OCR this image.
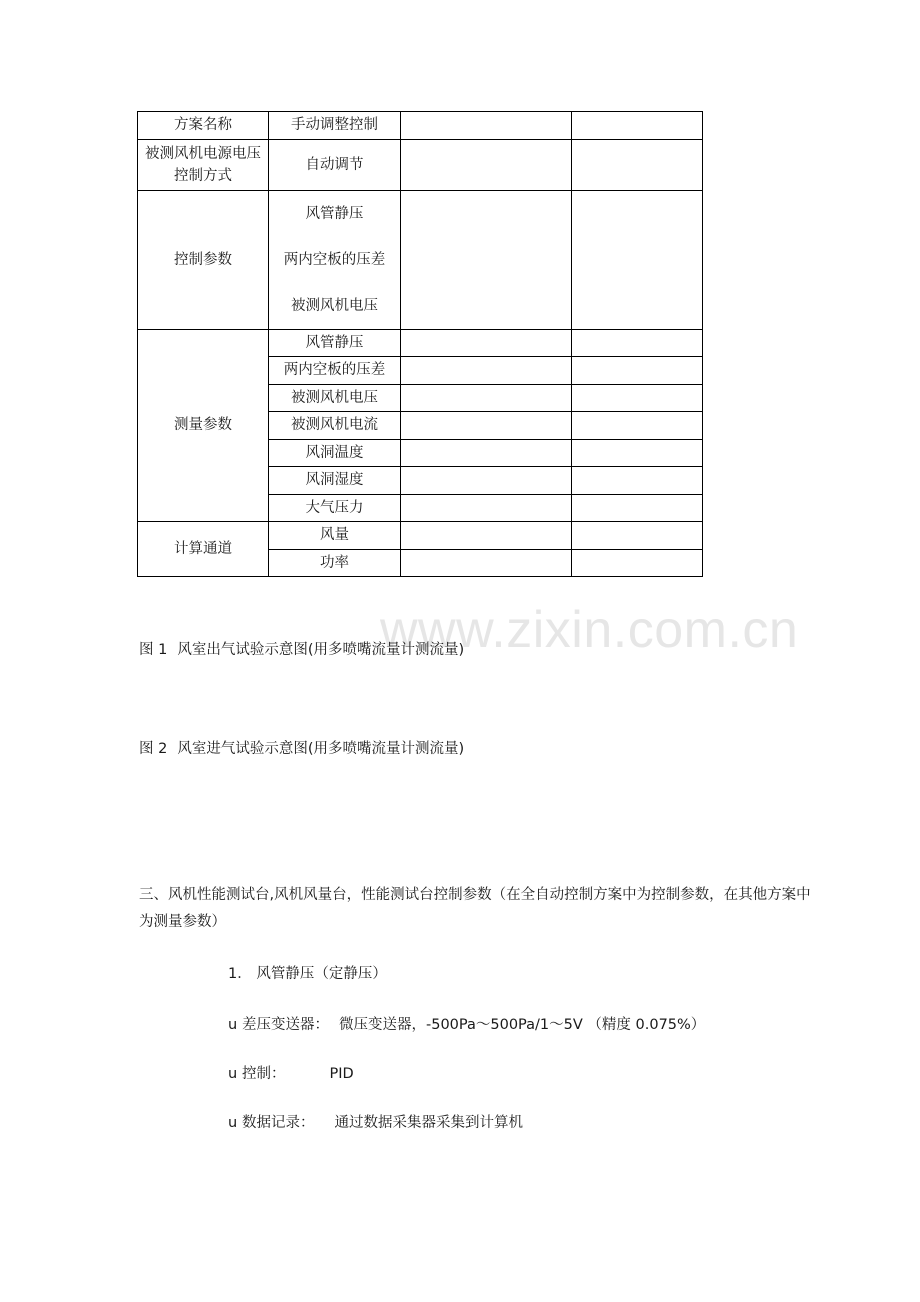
www.zixin.com.cn
方案名称	手动调整控制		
被测风机电源电压控制方式	自动调节		
控制参数	风管静压
两内空板的压差
被测风机电压		

测量参数	风管静压		
	两内空板的压差		
	被测风机电压		
	被测风机电流		
	风洞温度		
	风洞湿度		
	大气压力		
计算通道	风量		
	功率		
图 1 风室出气试验示意图(用多喷嘴流量计测流量)
图 2 风室进气试验示意图(用多喷嘴流量计测流量)
三、风机性能测试台,风机风量台，性能测试台控制参数（在全自动控制方案中为控制参数，在其他方案中为测量参数）
1． 风管静压（定静压）
u 差压变送器： 微压变送器，-500Pa～500Pa/1～5V （精度 0.075%）
u 控制：	PID
u 数据记录： 通过数据采集器采集到计算机
